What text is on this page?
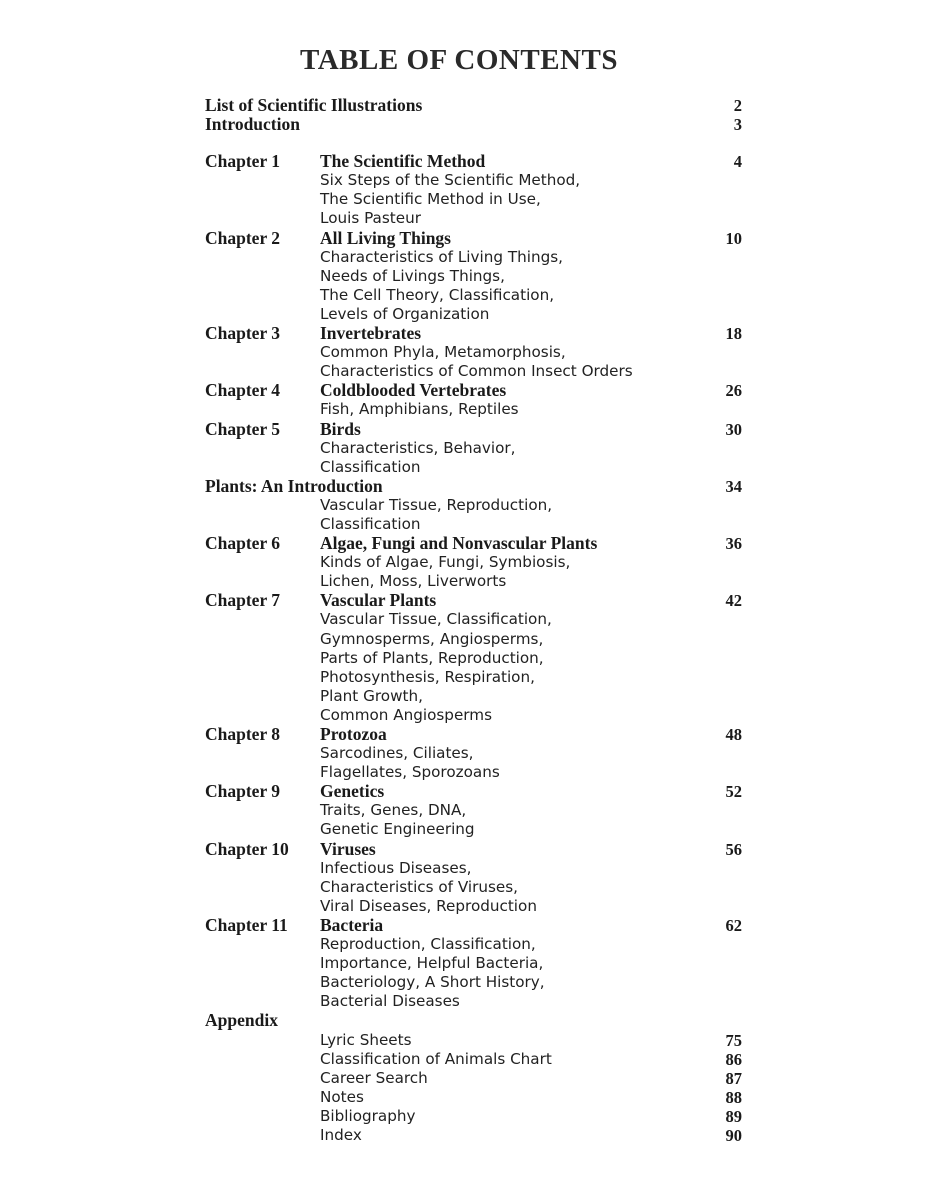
TABLE OF CONTENTS
List of Scientific Illustrations	2
Introduction	3
Chapter 1 The Scientific Method	4
Six Steps of the Scientific Method,
The Scientific Method in Use,
Louis Pasteur
Chapter 2 All Living Things	10
Characteristics of Living Things,
Needs of Livings Things,
The Cell Theory, Classification,
Levels of Organization
Chapter 3 Invertebrates	18
Common Phyla, Metamorphosis,
Characteristics of Common Insect Orders
Chapter 4 Coldblooded Vertebrates	26
Fish, Amphibians, Reptiles
Chapter 5 Birds	30
Characteristics, Behavior,
Classification
Plants: An Introduction	34
Vascular Tissue, Reproduction,
Classification
Chapter 6 Algae, Fungi and Nonvascular Plants	36
Kinds of Algae, Fungi, Symbiosis,
Lichen, Moss, Liverworts
Chapter 7 Vascular Plants	42
Vascular Tissue, Classification,
Gymnosperms, Angiosperms,
Parts of Plants, Reproduction,
Photosynthesis, Respiration,
Plant Growth,
Common Angiosperms
Chapter 8 Protozoa	48
Sarcodines, Ciliates,
Flagellates, Sporozoans
Chapter 9 Genetics	52
Traits, Genes, DNA,
Genetic Engineering
Chapter 10 Viruses	56
Infectious Diseases,
Characteristics of Viruses,
Viral Diseases, Reproduction
Chapter 11 Bacteria	62
Reproduction, Classification,
Importance, Helpful Bacteria,
Bacteriology, A Short History,
Bacterial Diseases
Appendix
Lyric Sheets	75
Classification of Animals Chart	86
Career Search	87
Notes	88
Bibliography	89
Index	90
